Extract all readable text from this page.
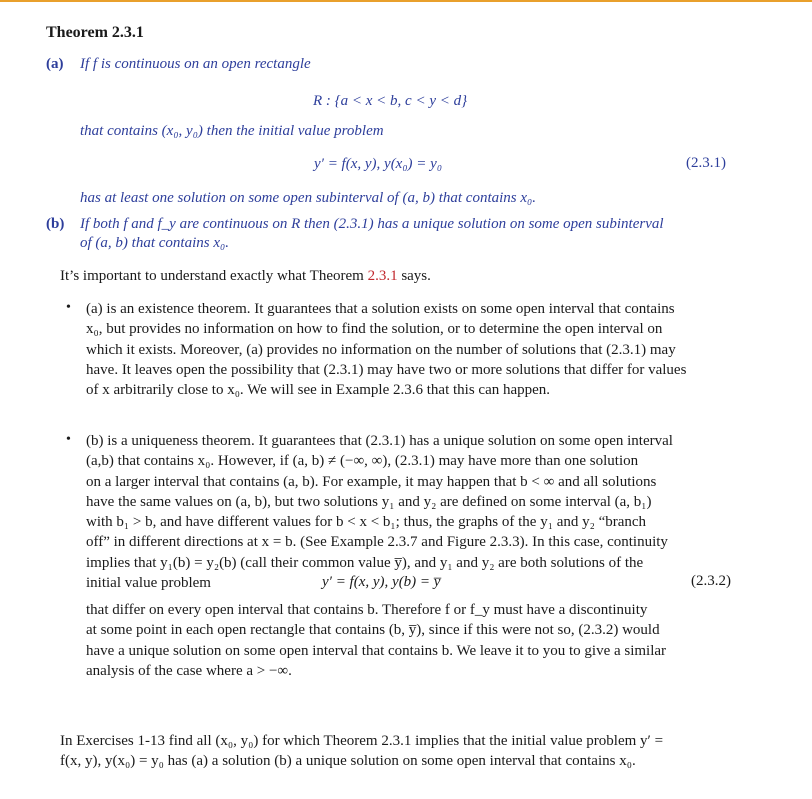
Theorem 2.3.1
(a) If f is continuous on an open rectangle
R : {a < x < b, c < y < d}
that contains (x₀, y₀) then the initial value problem
y′ = f(x, y), y(x₀) = y₀	(2.3.1)
has at least one solution on some open subinterval of (a, b) that contains x₀.
(b) If both f and f_y are continuous on R then (2.3.1) has a unique solution on some open subinterval
of (a, b) that contains x₀.
It’s important to understand exactly what Theorem 2.3.1 says.
• (a) is an existence theorem. It guarantees that a solution exists on some open interval that contains
x₀, but provides no information on how to find the solution, or to determine the open interval on
which it exists. Moreover, (a) provides no information on the number of solutions that (2.3.1) may
have. It leaves open the possibility that (2.3.1) may have two or more solutions that differ for values
of x arbitrarily close to x₀. We will see in Example 2.3.6 that this can happen.
• (b) is a uniqueness theorem. It guarantees that (2.3.1) has a unique solution on some open interval
(a,b) that contains x₀. However, if (a, b) ≠ (−∞, ∞), (2.3.1) may have more than one solution
on a larger interval that contains (a, b). For example, it may happen that b < ∞ and all solutions
have the same values on (a, b), but two solutions y₁ and y₂ are defined on some interval (a, b₁)
with b₁ > b, and have different values for b < x < b₁; thus, the graphs of the y₁ and y₂ “branch
off” in different directions at x = b. (See Example 2.3.7 and Figure 2.3.3). In this case, continuity
implies that y₁(b) = y₂(b) (call their common value y̅), and y₁ and y₂ are both solutions of the
initial value problem	y′ = f(x, y), y(b) = y̅	(2.3.2)
that differ on every open interval that contains b. Therefore f or f_y must have a discontinuity
at some point in each open rectangle that contains (b, y̅), since if this were not so, (2.3.2) would
have a unique solution on some open interval that contains b. We leave it to you to give a similar
analysis of the case where a > −∞.
In Exercises 1-13 find all (x₀, y₀) for which Theorem 2.3.1 implies that the initial value problem y′ =
f(x, y), y(x₀) = y₀ has (a) a solution (b) a unique solution on some open interval that contains x₀.
